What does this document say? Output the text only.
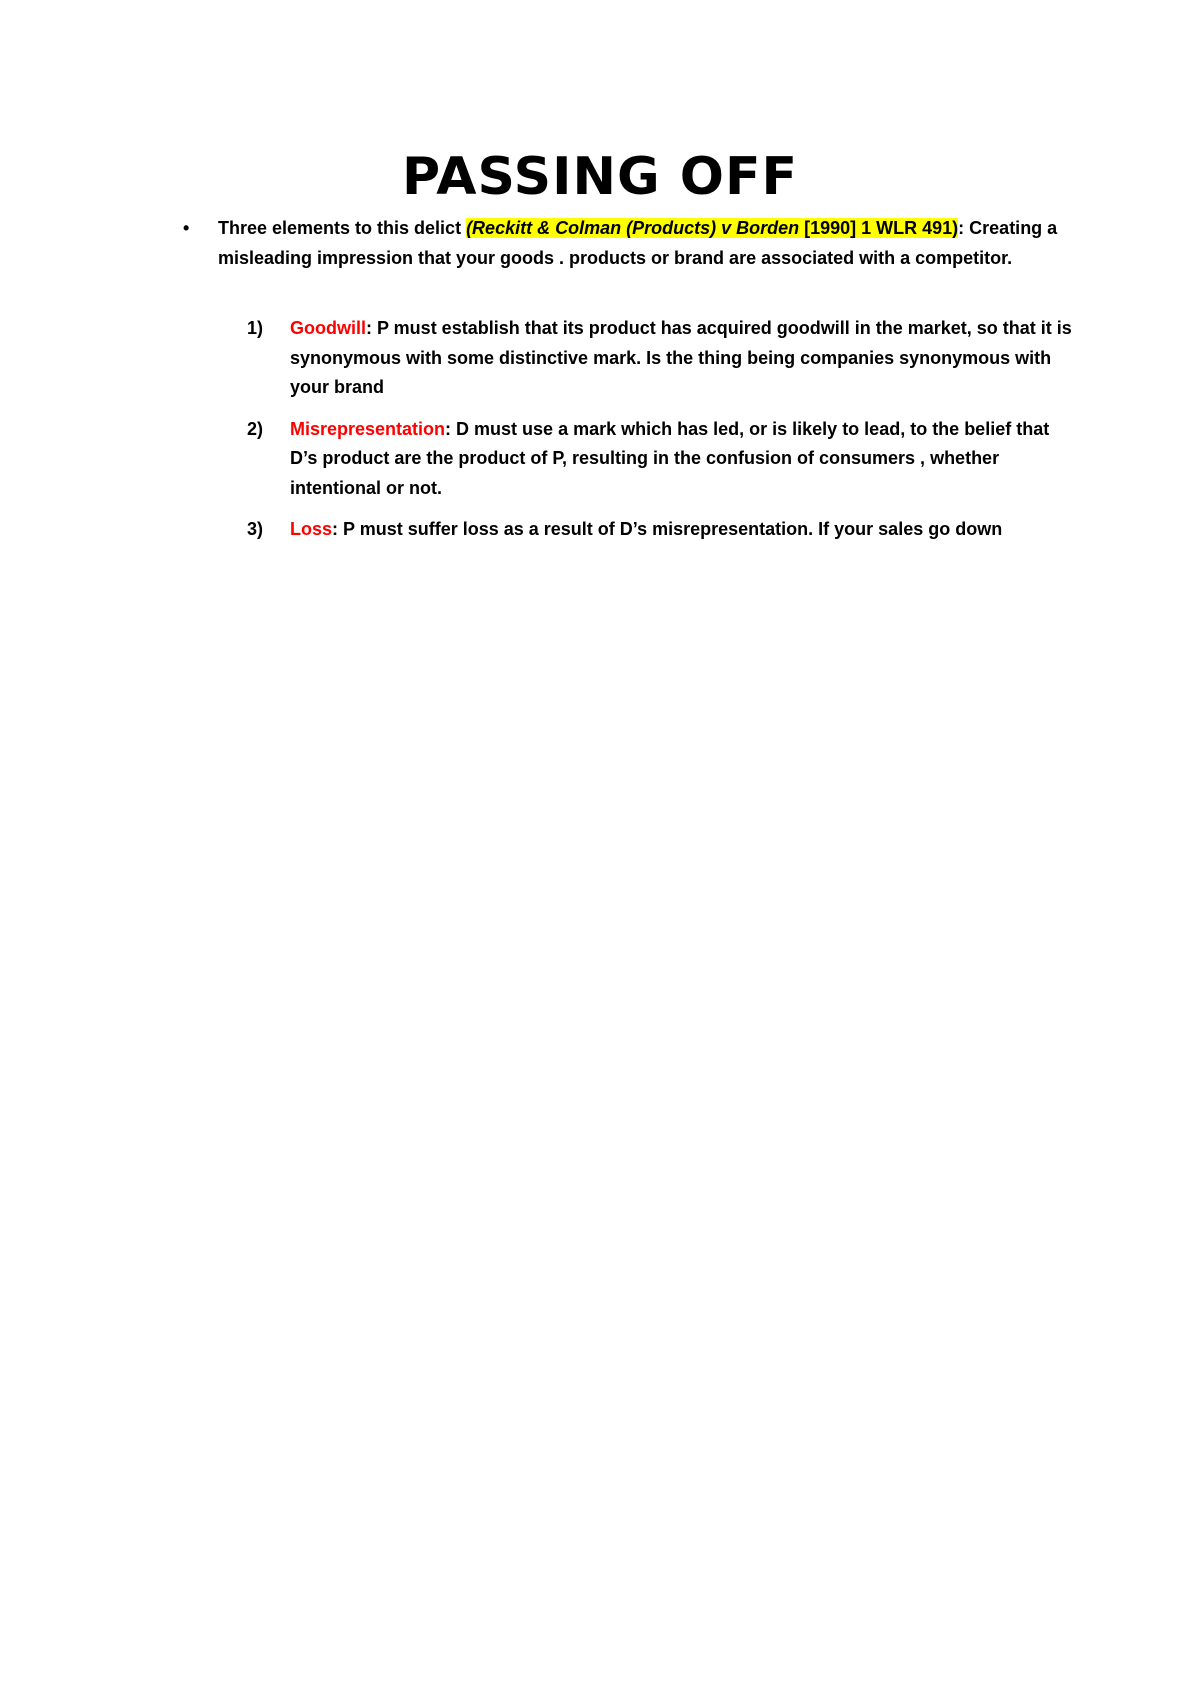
PASSING OFF
•	Three elements to this delict (Reckitt & Colman (Products) v Borden [1990] 1 WLR 491): Creating a misleading impression that your goods . products or brand are associated with a competitor.
1)	Goodwill: P must establish that its product has acquired goodwill in the market, so that it is synonymous with some distinctive mark. Is the thing being companies synonymous with your brand
2)	Misrepresentation: D must use a mark which has led, or is likely to lead, to the belief that D’s product are the product of P, resulting in the confusion of consumers , whether intentional or not.
3)	Loss: P must suffer loss as a result of D’s misrepresentation. If your sales go down
